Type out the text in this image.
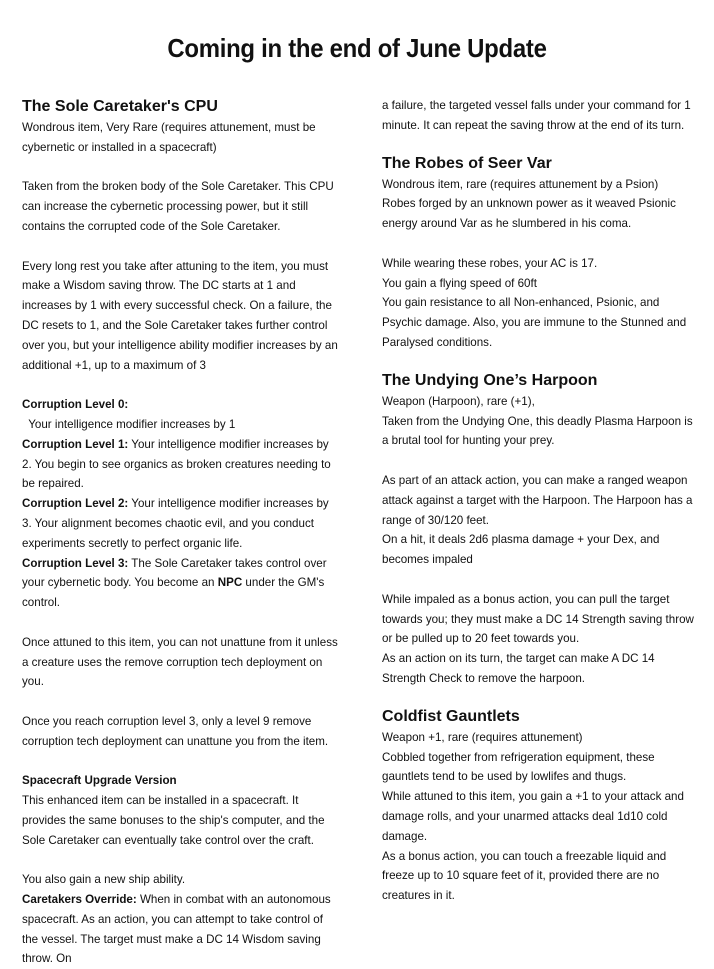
Coming in the end of June Update

The Sole Caretaker's CPU

Wondrous item, Very Rare (requires attunement, must be cybernetic or installed in a spacecraft)

Taken from the broken body of the Sole Caretaker. This CPU can increase the cybernetic processing power, but it still contains the corrupted code of the Sole Caretaker.

Every long rest you take after attuning to the item, you must make a Wisdom saving throw. The DC starts at 1 and increases by 1 with every successful check. On a failure, the DC resets to 1, and the Sole Caretaker takes further control over you, but your intelligence ability modifier increases by an additional +1, up to a maximum of 3

Corruption Level 0:  Your intelligence modifier increases by 1

Corruption Level 1: Your intelligence modifier increases by 2. You begin to see organics as broken creatures needing to be repaired.

Corruption Level 2: Your intelligence modifier increases by 3. Your alignment becomes chaotic evil, and you conduct experiments secretly to perfect organic life.

Corruption Level 3: The Sole Caretaker takes control over your cybernetic body. You become an NPC under the GM's control.

Once attuned to this item, you can not unattune from it unless a creature uses the remove corruption tech deployment on you.

Once you reach corruption level 3, only a level 9 remove corruption tech deployment can unattune you from the item.

Spacecraft Upgrade Version

This enhanced item can be installed in a spacecraft. It provides the same bonuses to the ship's computer, and the Sole Caretaker can eventually take control over the craft.

You also gain a new ship ability.

Caretakers Override: When in combat with an autonomous spacecraft. As an action, you can attempt to take control of the vessel. The target must make a DC 14 Wisdom saving throw. On

a failure, the targeted vessel falls under your command for 1 minute. It can repeat the saving throw at the end of its turn.

The Robes of Seer Var

Wondrous item, rare (requires attunement by a Psion)

Robes forged by an unknown power as it weaved Psionic energy around Var as he slumbered in his coma.

While wearing these robes, your AC is 17.

You gain a flying speed of 60ft

You gain resistance to all Non-enhanced, Psionic, and Psychic damage. Also, you are immune to the Stunned and Paralysed conditions.

The Undying One’s Harpoon

Weapon (Harpoon), rare (+1),

Taken from the Undying One, this deadly Plasma Harpoon is a brutal tool for hunting your prey.

As part of an attack action, you can make a ranged weapon attack against a target with the Harpoon. The Harpoon has a range of 30/120 feet.

On a hit, it deals 2d6 plasma damage + your Dex, and becomes impaled

While impaled as a bonus action, you can pull the target towards you; they must make a DC 14 Strength saving throw or be pulled up to 20 feet towards you.

As an action on its turn, the target can make A DC 14 Strength Check to remove the harpoon.

Coldfist Gauntlets

Weapon +1, rare (requires attunement)

Cobbled together from refrigeration equipment, these gauntlets tend to be used by lowlifes and thugs.

While attuned to this item, you gain a +1 to your attack and damage rolls, and your unarmed attacks deal 1d10 cold damage.

As a bonus action, you can touch a freezable liquid and freeze up to 10 square feet of it, provided there are no creatures in it.
